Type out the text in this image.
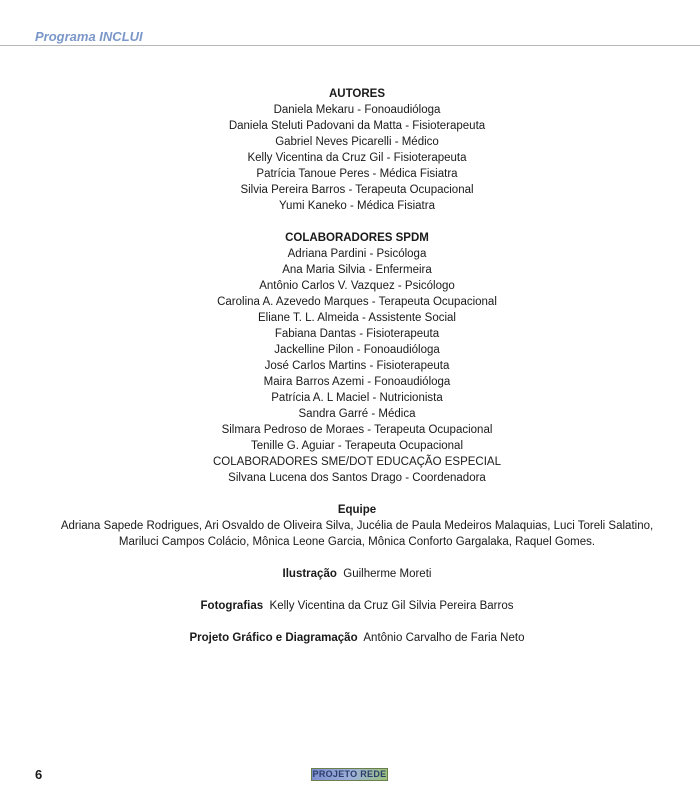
Programa INCLUI
AUTORES
Daniela Mekaru - Fonoaudióloga
Daniela Steluti Padovani da Matta - Fisioterapeuta
Gabriel Neves Picarelli - Médico
Kelly Vicentina da Cruz Gil - Fisioterapeuta
Patrícia Tanoue Peres - Médica Fisiatra
Silvia Pereira Barros - Terapeuta Ocupacional
Yumi Kaneko - Médica Fisiatra
COLABORADORES SPDM
Adriana Pardini - Psicóloga
Ana Maria Silvia - Enfermeira
Antônio Carlos V. Vazquez - Psicólogo
Carolina A. Azevedo Marques - Terapeuta Ocupacional
Eliane T. L. Almeida - Assistente Social
Fabiana Dantas - Fisioterapeuta
Jackelline Pilon - Fonoaudióloga
José Carlos Martins - Fisioterapeuta
Maira Barros Azemi - Fonoaudióloga
Patrícia A. L Maciel - Nutricionista
Sandra Garré - Médica
Silmara Pedroso de Moraes - Terapeuta Ocupacional
Tenille G. Aguiar - Terapeuta Ocupacional
COLABORADORES SME/DOT EDUCAÇÃO ESPECIAL
Silvana Lucena dos Santos Drago - Coordenadora
Equipe
Adriana Sapede Rodrigues, Ari Osvaldo de Oliveira Silva, Jucélia de Paula Medeiros Malaquias, Luci Toreli Salatino, Mariluci Campos Colácio, Mônica Leone Garcia, Mônica Conforto Gargalaka, Raquel Gomes.
Ilustração Guilherme Moreti
Fotografias Kelly Vicentina da Cruz Gil Silvia Pereira Barros
Projeto Gráfico e Diagramação Antônio Carvalho de Faria Neto
6	PROJETO REDE
